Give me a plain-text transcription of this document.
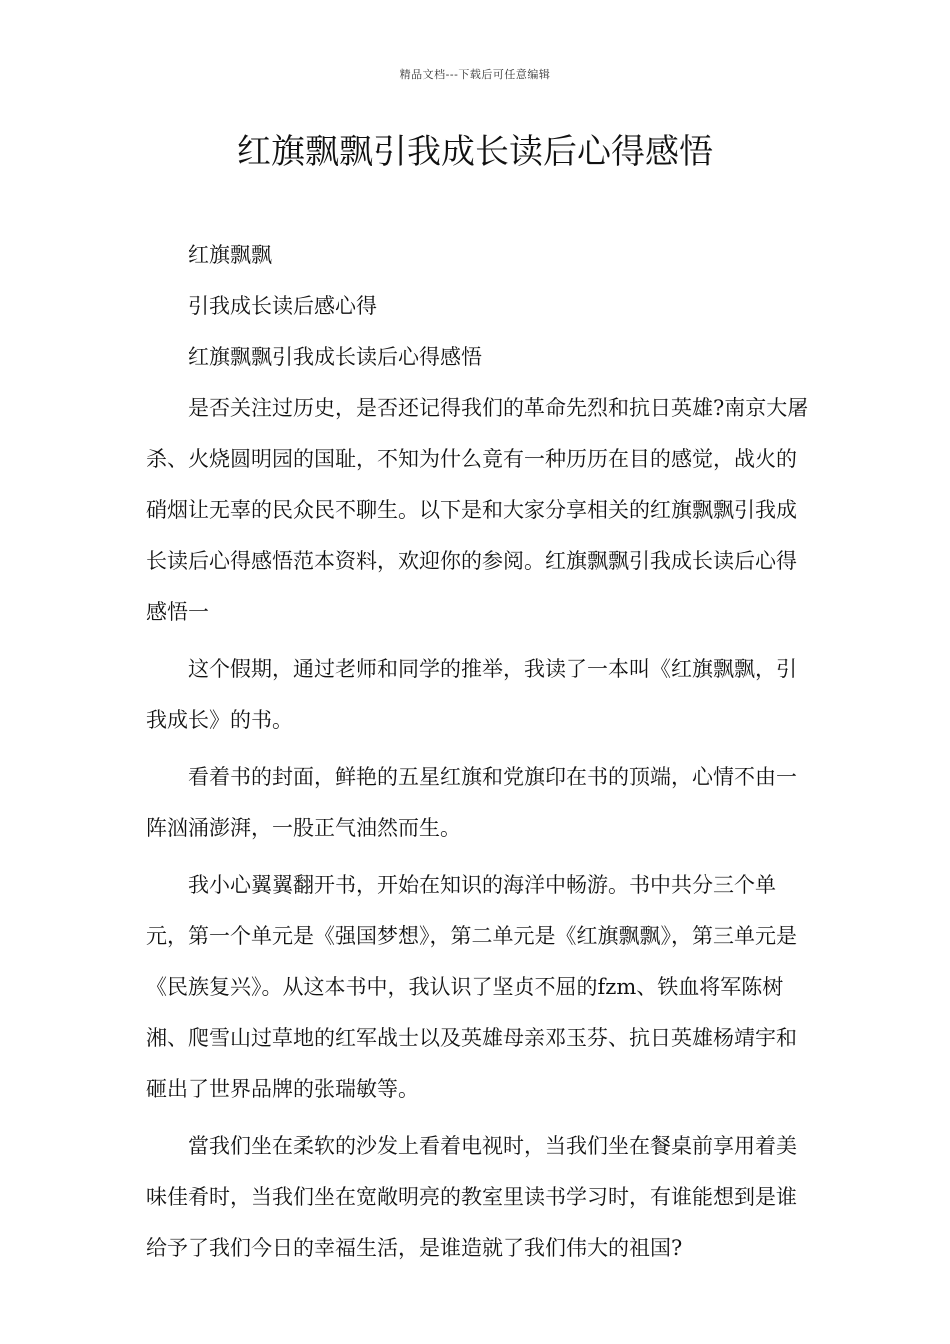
精品文档---下载后可任意编辑
红旗飘飘引我成长读后心得感悟

红旗飘飘

引我成长读后感心得

红旗飘飘引我成长读后心得感悟

是否关注过历史，是否还记得我们的革命先烈和抗日英雄?南京大屠杀、火烧圆明园的国耻，不知为什么竟有一种历历在目的感觉，战火的硝烟让无辜的民众民不聊生。以下是和大家分享相关的红旗飘飘引我成长读后心得感悟范本资料，欢迎你的参阅。红旗飘飘引我成长读后心得感悟一

这个假期，通过老师和同学的推举，我读了一本叫《红旗飘飘，引我成长》的书。

看着书的封面，鲜艳的五星红旗和党旗印在书的顶端，心情不由一阵汹涌澎湃，一股正气油然而生。

我小心翼翼翻开书，开始在知识的海洋中畅游。书中共分三个单元，第一个单元是《强国梦想》，第二单元是《红旗飘飘》，第三单元是《民族复兴》。从这本书中，我认识了坚贞不屈的fzm、铁血将军陈树湘、爬雪山过草地的红军战士以及英雄母亲邓玉芬、抗日英雄杨靖宇和砸出了世界品牌的张瑞敏等。

當我们坐在柔软的沙发上看着电视时，当我们坐在餐桌前享用着美味佳肴时，当我们坐在宽敞明亮的教室里读书学习时，有谁能想到是谁给予了我们今日的幸福生活，是谁造就了我们伟大的祖国?
